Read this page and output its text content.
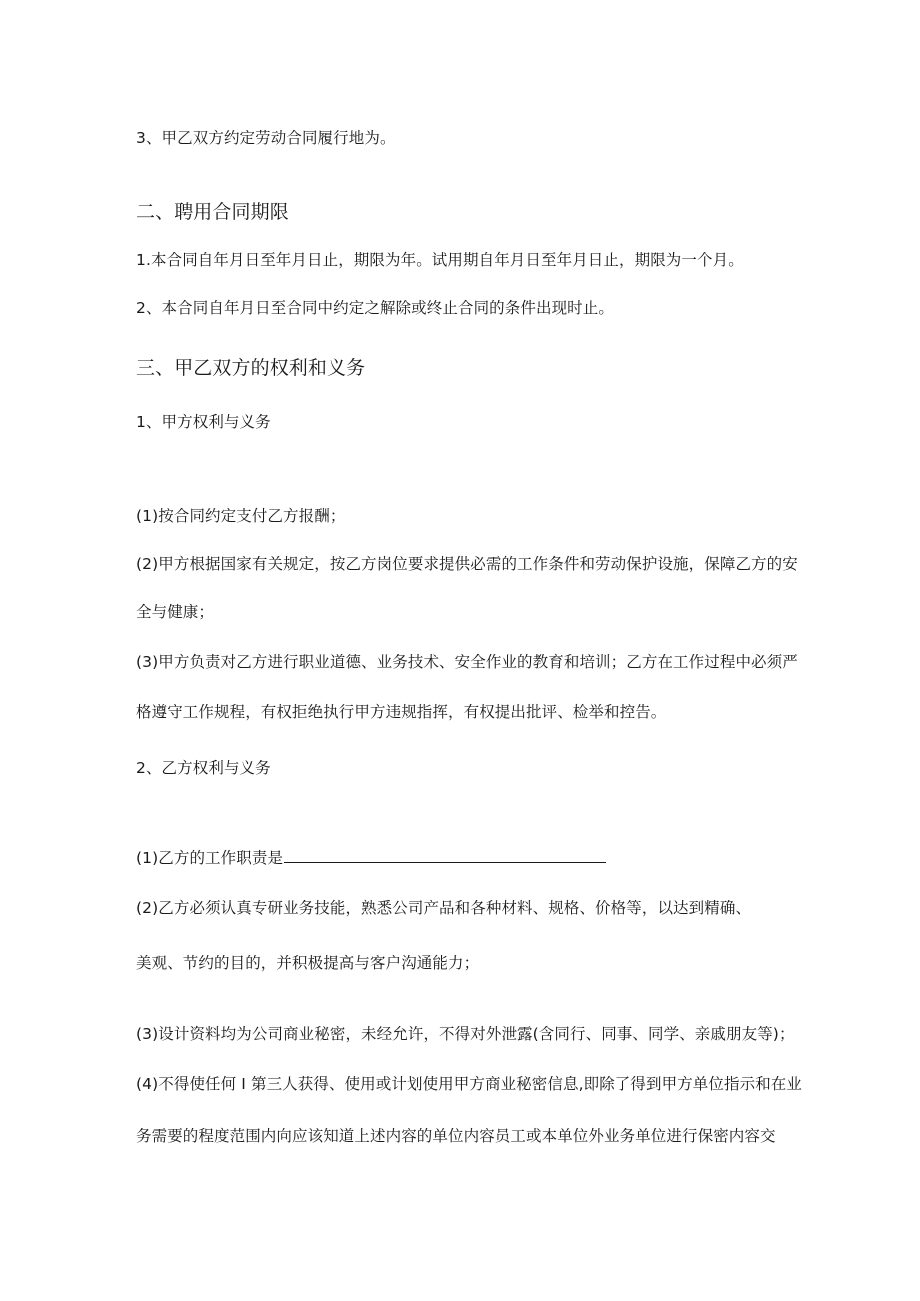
3、甲乙双方约定劳动合同履行地为。
二、聘用合同期限
1.本合同自年月日至年月日止，期限为年。试用期自年月日至年月日止，期限为一个月。
2、本合同自年月日至合同中约定之解除或终止合同的条件出现时止。
三、甲乙双方的权利和义务
1、甲方权利与义务
(1)按合同约定支付乙方报酬；
(2)甲方根据国家有关规定，按乙方岗位要求提供必需的工作条件和劳动保护设施，保障乙方的安
全与健康；
(3)甲方负责对乙方进行职业道德、业务技术、安全作业的教育和培训；乙方在工作过程中必须严
格遵守工作规程，有权拒绝执行甲方违规指挥，有权提出批评、检举和控告。
2、乙方权利与义务
(1)乙方的工作职责是
(2)乙方必须认真专研业务技能，熟悉公司产品和各种材料、规格、价格等，以达到精确、
美观、节约的目的，并积极提高与客户沟通能力；
(3)设计资料均为公司商业秘密，未经允许，不得对外泄露(含同行、同事、同学、亲戚朋友等)；
(4)不得使任何 I 第三人获得、使用或计划使用甲方商业秘密信息,即除了得到甲方单位指示和在业
务需要的程度范围内向应该知道上述内容的单位内容员工或本单位外业务单位进行保密内容交
